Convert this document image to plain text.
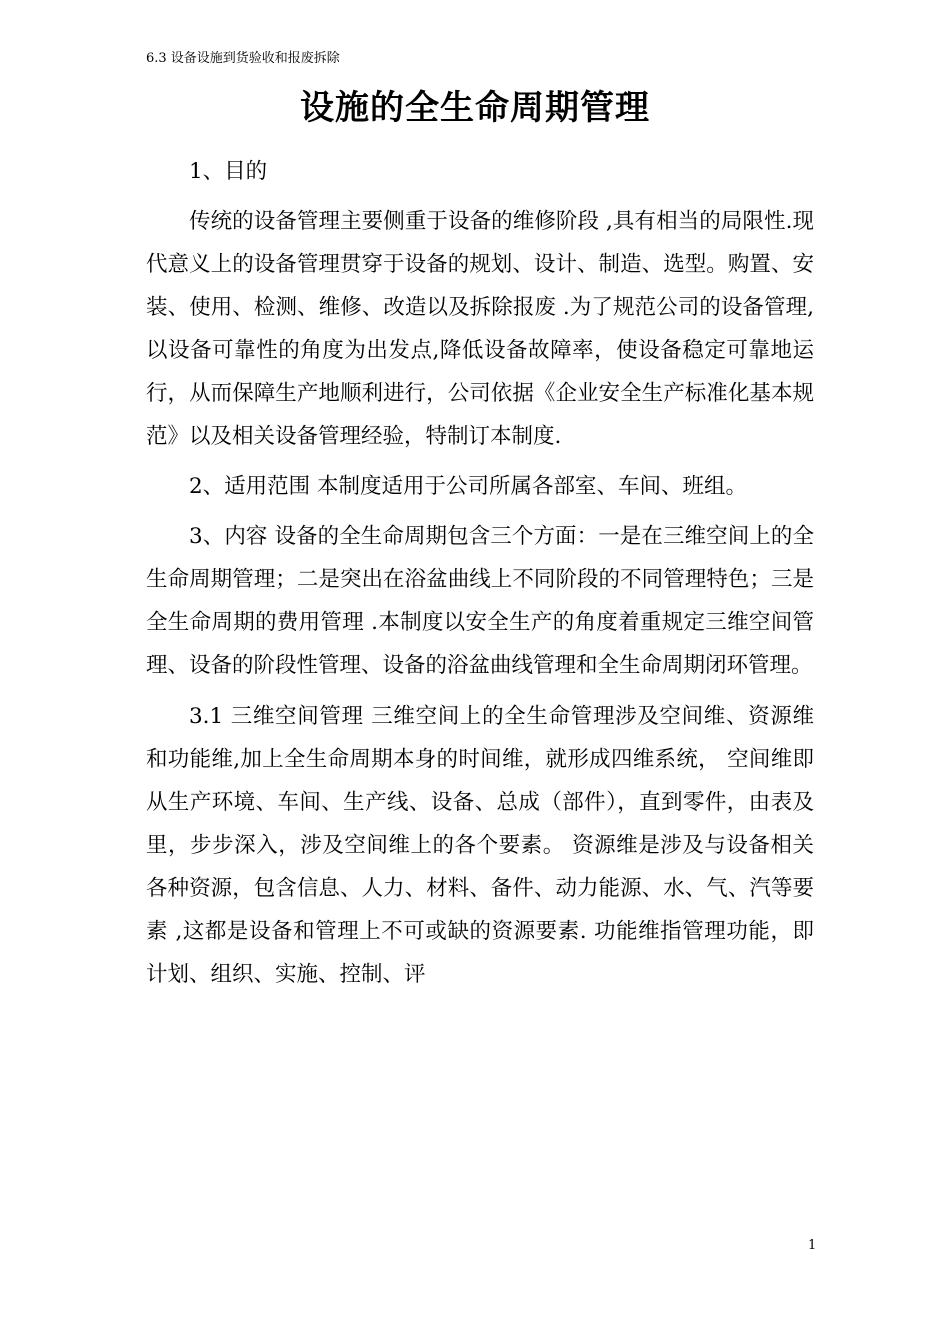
6.3 设备设施到货验收和报废拆除
设施的全生命周期管理

1、目的

传统的设备管理主要侧重于设备的维修阶段 ,具有相当的局限性.现代意义上的设备管理贯穿于设备的规划、设计、制造、选型。购置、安装、使用、检测、维修、改造以及拆除报废 .为了规范公司的设备管理,以设备可靠性的角度为出发点,降低设备故障率，使设备稳定可靠地运行，从而保障生产地顺利进行，公司依据《企业安全生产标准化基本规范》以及相关设备管理经验，特制订本制度.

2、适用范围 本制度适用于公司所属各部室、车间、班组。

3、内容 设备的全生命周期包含三个方面：一是在三维空间上的全生命周期管理；二是突出在浴盆曲线上不同阶段的不同管理特色；三是全生命周期的费用管理 .本制度以安全生产的角度着重规定三维空间管理、设备的阶段性管理、设备的浴盆曲线管理和全生命周期闭环管理。

3.1 三维空间管理 三维空间上的全生命管理涉及空间维、资源维和功能维,加上全生命周期本身的时间维，就形成四维系统， 空间维即从生产环境、车间、生产线、设备、总成（部件），直到零件，由表及里，步步深入，涉及空间维上的各个要素。 资源维是涉及与设备相关各种资源，包含信息、人力、材料、备件、动力能源、水、气、汽等要素 ,这都是设备和管理上不可或缺的资源要素. 功能维指管理功能，即计划、组织、实施、控制、评

1
